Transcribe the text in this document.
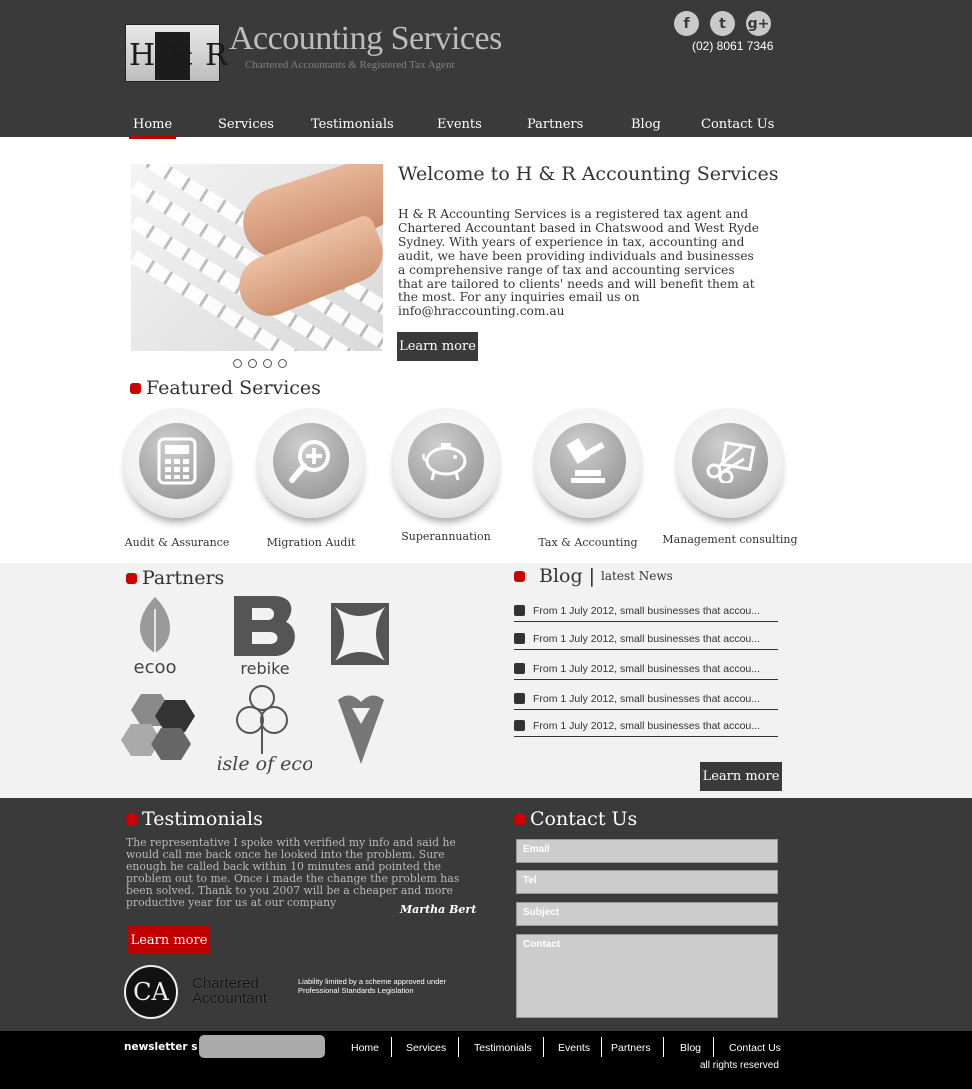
H & R Accounting Services
Chartered Accountants & Registered Tax Agent
f	t	g+
(02) 8061 7346
Home	Services	Testimonials	Events	Partners	Blog	Contact Us
Welcome to H & R Accounting Services
H & R Accounting Services is a registered tax agent and Chartered Accountant based in Chatswood and West Ryde Sydney. With years of experience in tax, accounting and audit, we have been providing individuals and businesses a comprehensive range of tax and accounting services that are tailored to clients' needs and will benefit them at the most. For any inquiries email us on info@hraccounting.com.au
Learn more
Featured Services
Audit & Assurance	Migration Audit	Superannuation	Tax & Accounting	Management consulting
Partners
ecoo	rebike
isle of eco
Blog | latest News
From 1 July 2012, small businesses that accou...
From 1 July 2012, small businesses that accou...
From 1 July 2012, small businesses that accou...
From 1 July 2012, small businesses that accou...
From 1 July 2012, small businesses that accou...
Learn more
Testimonials
The representative I spoke with verified my info and said he would call me back once he looked into the problem. Sure enough he called back within 10 minutes and pointed the problem out to me. Once i made the change the problem has been solved. Thank to you 2007 will be a cheaper and more productive year for us at our company
Martha Bert
Learn more
CA	Chartered
Accountant
Liability limited by a scheme approved under Professional Standards Legislation
Contact Us
Email
Tel
Subject
Contact
newsletter s	Home	Services	Testimonials Events Partners	Blog	Contact Us
all rights reserved
